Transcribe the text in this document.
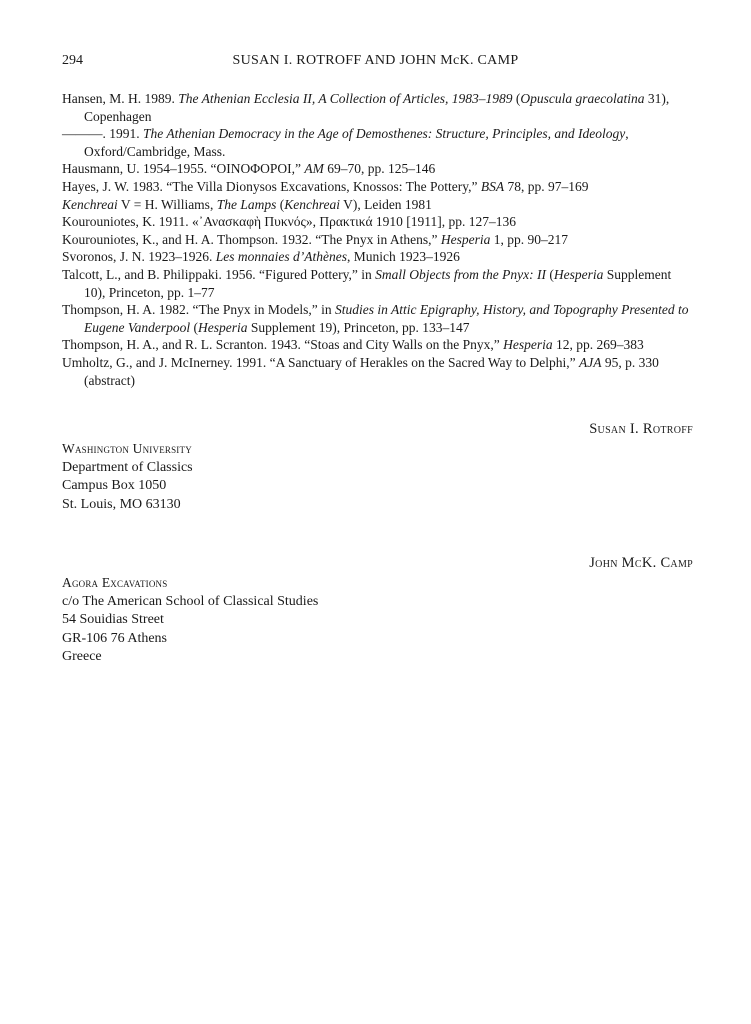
294	SUSAN I. ROTROFF AND JOHN McK. CAMP

Hansen, M. H. 1989. The Athenian Ecclesia II, A Collection of Articles, 1983–1989 (Opuscula graecolatina 31), Copenhagen

———. 1991. The Athenian Democracy in the Age of Demosthenes: Structure, Principles, and Ideology, Oxford/Cambridge, Mass.

Hausmann, U. 1954–1955. “ΟΙΝΟΦΟΡΟΙ,” AM 69–70, pp. 125–146

Hayes, J. W. 1983. “The Villa Dionysos Excavations, Knossos: The Pottery,” BSA 78, pp. 97–169

Kenchreai V = H. Williams, The Lamps (Kenchreai V), Leiden 1981

Kourouniotes, K. 1911. «᾿Ανασκαφὴ Πυκνός», Πρακτικά 1910 [1911], pp. 127–136

Kourouniotes, K., and H. A. Thompson. 1932. “The Pnyx in Athens,” Hesperia 1, pp. 90–217

Svoronos, J. N. 1923–1926. Les monnaies d’Athènes, Munich 1923–1926

Talcott, L., and B. Philippaki. 1956. “Figured Pottery,” in Small Objects from the Pnyx: II (Hesperia Supplement 10), Princeton, pp. 1–77

Thompson, H. A. 1982. “The Pnyx in Models,” in Studies in Attic Epigraphy, History, and Topography Presented to Eugene Vanderpool (Hesperia Supplement 19), Princeton, pp. 133–147

Thompson, H. A., and R. L. Scranton. 1943. “Stoas and City Walls on the Pnyx,” Hesperia 12, pp. 269–383

Umholtz, G., and J. McInerney. 1991. “A Sanctuary of Herakles on the Sacred Way to Delphi,” AJA 95, p. 330 (abstract)

Susan I. Rotroff
Washington University
Department of Classics
Campus Box 1050
St. Louis, MO 63130
John McK. Camp
Agora Excavations
c/o The American School of Classical Studies
54 Souidias Street
GR-106 76 Athens
Greece
